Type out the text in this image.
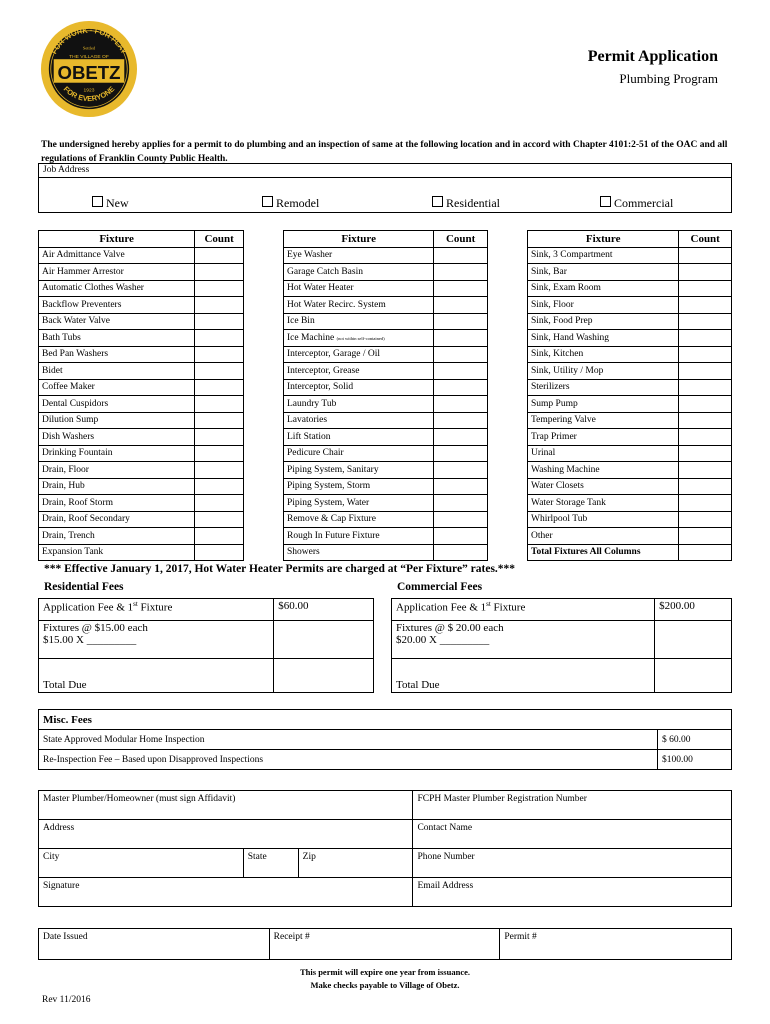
FOR WORK · FOR PLAY
FOR EVERYONE
Settled
THE VILLAGE OF
OBETZ
1923
Permit Application
Plumbing Program
The undersigned hereby applies for a permit to do plumbing and an inspection of same at the following location and in accord with Chapter 4101:2-51 of the OAC and all regulations of Franklin County Public Health.
Job Address
New	Remodel	Residential	Commercial
Fixture	Count
Air Admittance Valve	
Air Hammer Arrestor	
Automatic Clothes Washer	
Backflow Preventers	
Back Water Valve	
Bath Tubs	
Bed Pan Washers	
Bidet	
Coffee Maker	
Dental Cuspidors	
Dilution Sump	
Dish Washers	
Drinking Fountain	
Drain, Floor	
Drain, Hub	
Drain, Roof Storm	
Drain, Roof Secondary	
Drain, Trench	
Expansion Tank	
Fixture	Count
Eye Washer	
Garage Catch Basin	
Hot Water Heater	
Hot Water Recirc. System	
Ice Bin	
Ice Machine (not within self-contained)	
Interceptor, Garage / Oil	
Interceptor, Grease	
Interceptor, Solid	
Laundry Tub	
Lavatories	
Lift Station	
Pedicure Chair	
Piping System, Sanitary	
Piping System, Storm	
Piping System, Water	
Remove & Cap Fixture	
Rough In Future Fixture	
Showers	
Fixture	Count
Sink, 3 Compartment	
Sink, Bar	
Sink, Exam Room	
Sink, Floor	
Sink, Food Prep	
Sink, Hand Washing	
Sink, Kitchen	
Sink, Utility / Mop	
Sterilizers	
Sump Pump	
Tempering Valve	
Trap Primer	
Urinal	
Washing Machine	
Water Closets	
Water Storage Tank	
Whirlpool Tub	
Other	
Total Fixtures All Columns	
*** Effective January 1, 2017, Hot Water Heater Permits are charged at “Per Fixture” rates.***
Residential Fees
Application Fee & 1st Fixture	$60.00

Fixtures @ $15.00 each
$15.00 X _________	

Total Due	
Commercial Fees
Application Fee & 1st Fixture	$200.00

Fixtures @ $ 20.00 each
$20.00 X _________	

Total Due	
Misc. Fees	
State Approved Modular Home Inspection	$ 60.00
Re-Inspection Fee – Based upon Disapproved Inspections	$100.00
Master Plumber/Homeowner (must sign Affidavit)			FCPH Master Plumber Registration Number
Address			Contact Name
City	State	Zip	Phone Number
Signature			Email Address
Date Issued	Receipt #	Permit #
This permit will expire one year from issuance.
Make checks payable to Village of Obetz.
Rev 11/2016
